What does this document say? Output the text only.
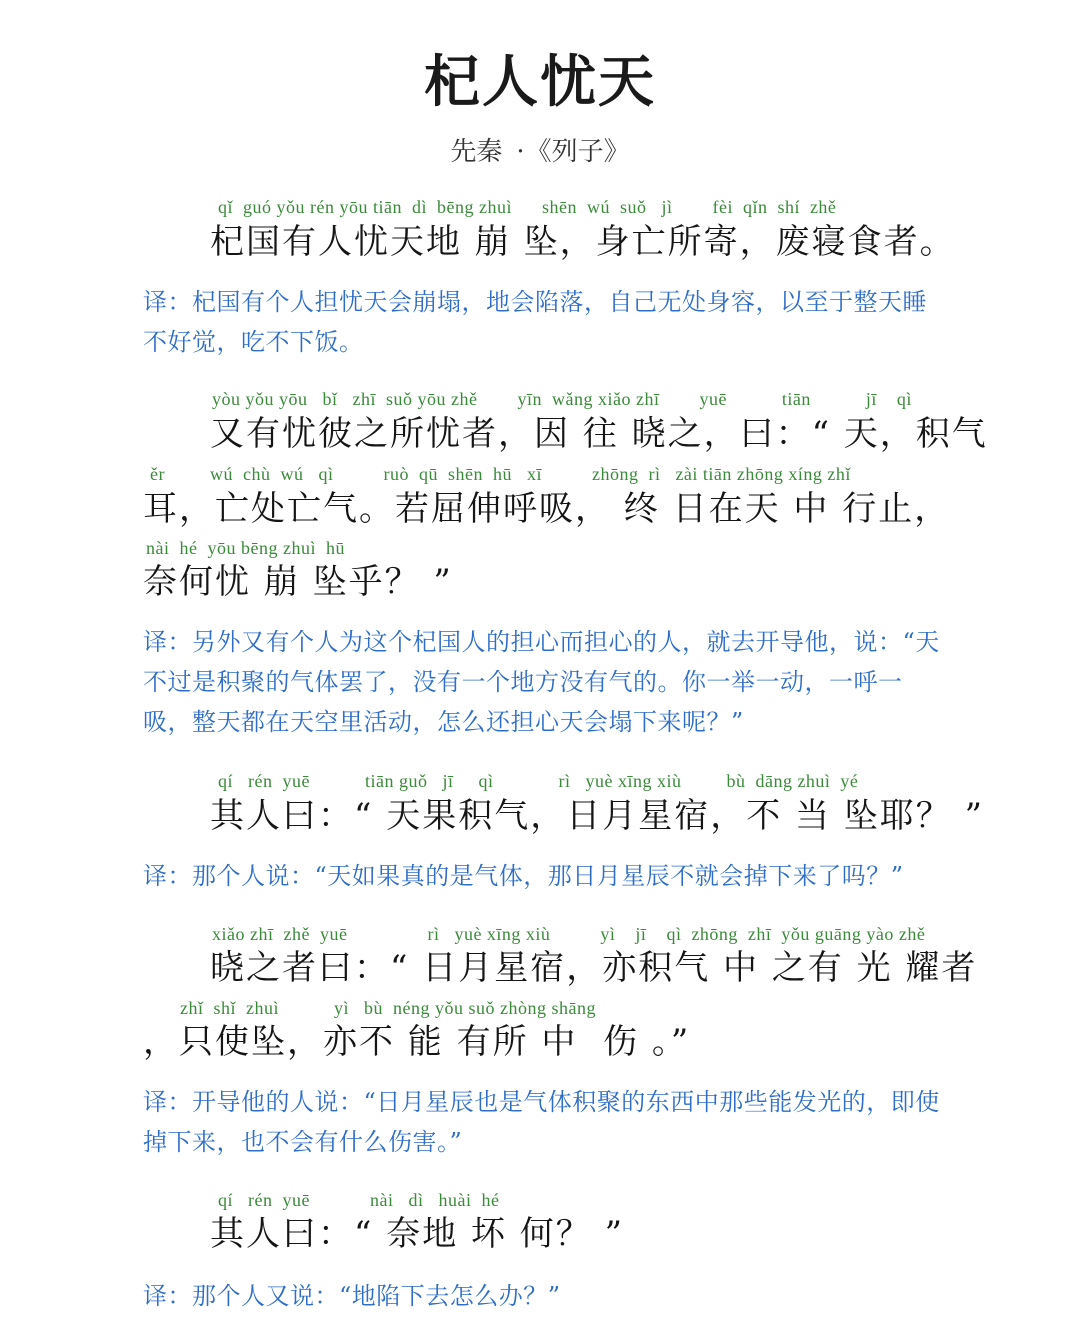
杞人忧天
先秦 · 《列子》
qǐ  guó yǒu rén yōu tiān  dì  bēng zhuì      shēn  wú  suǒ   jì        fèi  qǐn  shí  zhě
杞国有人忧天地 崩 坠，身亡所寄，废寝食者。
译：杞国有个人担忧天会崩塌，地会陷落，自己无处身容，以至于整天睡不好觉，吃不下饭。
yòu yǒu yōu   bǐ   zhī  suǒ yōu zhě        yīn  wǎng xiǎo zhī        yuē           tiān           jī    qì
又有忧彼之所忧者，因 往 晓之，曰：“ 天，积气
ěr         wú  chù  wú   qì          ruò  qū  shēn  hū   xī          zhōng  rì   zài tiān zhōng xíng zhǐ
耳，亡处亡气。若屈伸呼吸， 终 日在天 中 行止，
nài  hé  yōu bēng zhuì  hū
奈何忧 崩 坠乎？ ”
译：另外又有个人为这个杞国人的担心而担心的人，就去开导他，说：“天不过是积聚的气体罢了，没有一个地方没有气的。你一举一动，一呼一吸，整天都在天空里活动，怎么还担心天会塌下来呢？”
qí   rén  yuē           tiān guǒ   jī     qì             rì   yuè xīng xiù         bù  dāng zhuì  yé
其人曰：“ 天果积气，日月星宿，不 当 坠耶？ ”
译：那个人说：“天如果真的是气体，那日月星辰不就会掉下来了吗？”
xiǎo zhī  zhě  yuē                rì   yuè xīng xiù          yì    jī    qì  zhōng  zhī  yǒu guāng yào zhě
晓之者曰：“ 日月星宿，亦积气 中 之有 光 耀者
zhǐ  shǐ  zhuì           yì   bù  néng yǒu suǒ zhòng shāng
，只使坠，亦不 能 有所 中  伤 。”
译：开导他的人说：“日月星辰也是气体积聚的东西中那些能发光的，即使掉下来，也不会有什么伤害。”
qí   rén  yuē            nài   dì   huài  hé
其人曰：“ 奈地 坏 何？ ”
译：那个人又说：“地陷下去怎么办？”
